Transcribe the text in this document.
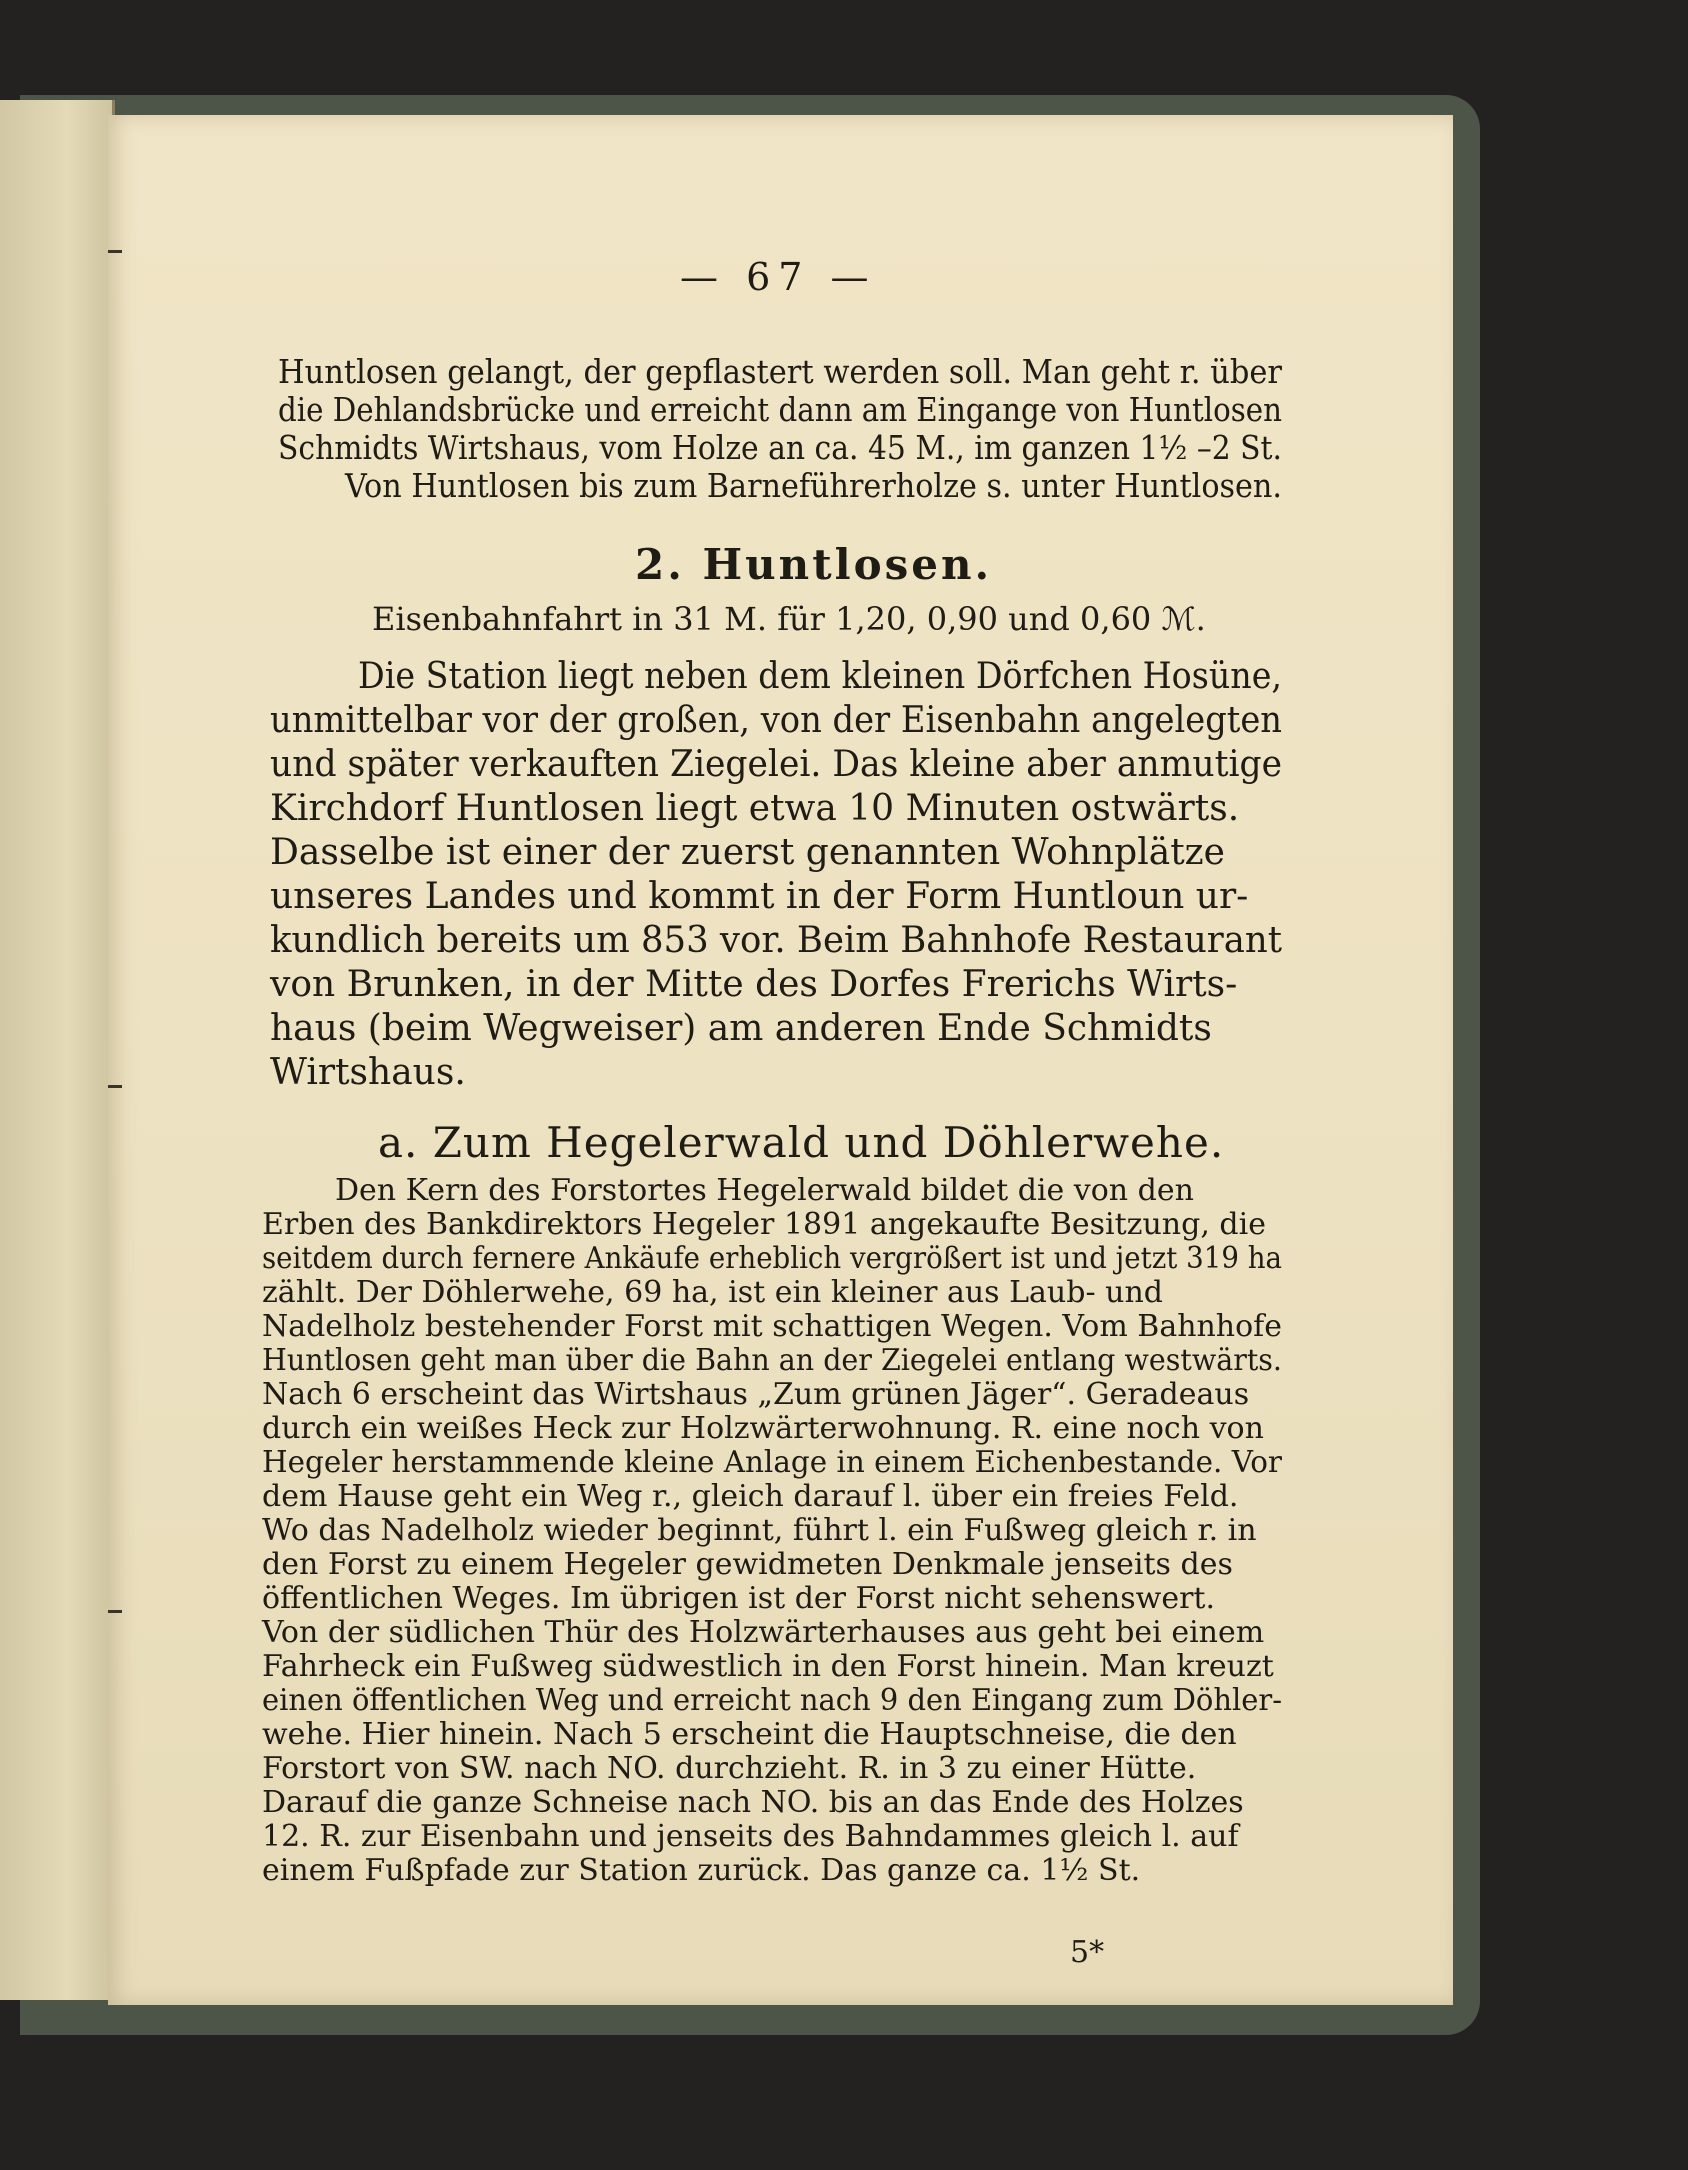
— 67 —
Huntlosen gelangt, der gepflastert werden soll. Man geht r. über
die Dehlandsbrücke und erreicht dann am Eingange von Huntlosen
Schmidts Wirtshaus, vom Holze an ca. 45 M., im ganzen 1½ –2 St.
Von Huntlosen bis zum Barneführerholze s. unter Huntlosen.
2. Huntlosen.
Eisenbahnfahrt in 31 M. für 1,20, 0,90 und 0,60 ℳ.
Die Station liegt neben dem kleinen Dörfchen Hosüne,
unmittelbar vor der großen, von der Eisenbahn angelegten
und später verkauften Ziegelei. Das kleine aber anmutige
Kirchdorf Huntlosen liegt etwa 10 Minuten ostwärts.
Dasselbe ist einer der zuerst genannten Wohnplätze
unseres Landes und kommt in der Form Huntloun ur-
kundlich bereits um 853 vor. Beim Bahnhofe Restaurant
von Brunken, in der Mitte des Dorfes Frerichs Wirts-
haus (beim Wegweiser) am anderen Ende Schmidts
Wirtshaus.
a. Zum Hegelerwald und Döhlerwehe.
Den Kern des Forstortes Hegelerwald bildet die von den
Erben des Bankdirektors Hegeler 1891 angekaufte Besitzung, die
seitdem durch fernere Ankäufe erheblich vergrößert ist und jetzt 319 ha
zählt. Der Döhlerwehe, 69 ha, ist ein kleiner aus Laub- und
Nadelholz bestehender Forst mit schattigen Wegen. Vom Bahnhofe
Huntlosen geht man über die Bahn an der Ziegelei entlang westwärts.
Nach 6 erscheint das Wirtshaus „Zum grünen Jäger“. Geradeaus
durch ein weißes Heck zur Holzwärterwohnung. R. eine noch von
Hegeler herstammende kleine Anlage in einem Eichenbestande. Vor
dem Hause geht ein Weg r., gleich darauf l. über ein freies Feld.
Wo das Nadelholz wieder beginnt, führt l. ein Fußweg gleich r. in
den Forst zu einem Hegeler gewidmeten Denkmale jenseits des
öffentlichen Weges. Im übrigen ist der Forst nicht sehenswert.
Von der südlichen Thür des Holzwärterhauses aus geht bei einem
Fahrheck ein Fußweg südwestlich in den Forst hinein. Man kreuzt
einen öffentlichen Weg und erreicht nach 9 den Eingang zum Döhler-
wehe. Hier hinein. Nach 5 erscheint die Hauptschneise, die den
Forstort von SW. nach NO. durchzieht. R. in 3 zu einer Hütte.
Darauf die ganze Schneise nach NO. bis an das Ende des Holzes
12. R. zur Eisenbahn und jenseits des Bahndammes gleich l. auf
einem Fußpfade zur Station zurück. Das ganze ca. 1½ St.
5*
